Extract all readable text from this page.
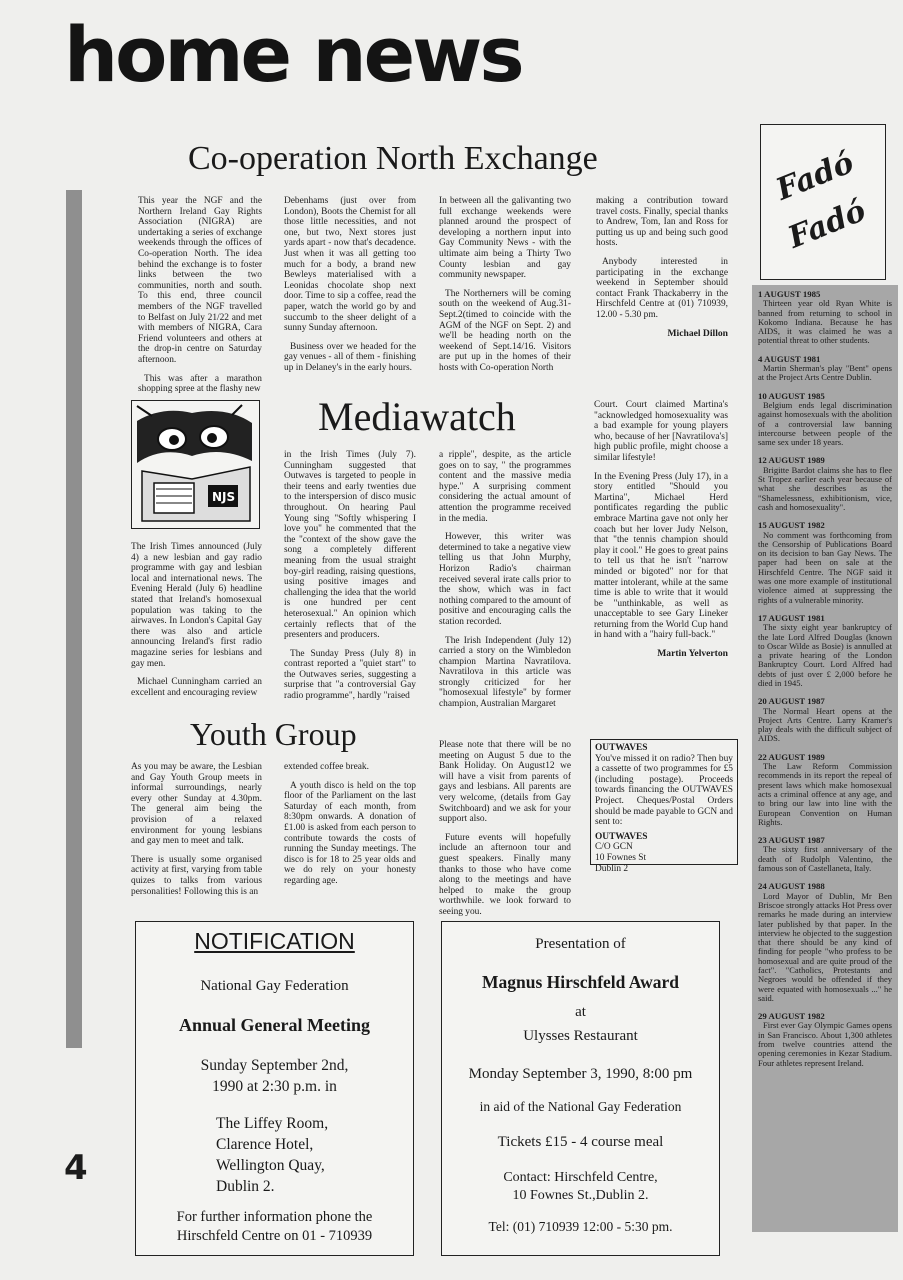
home news
Co-operation North Exchange

This year the NGF and the Northern Ireland Gay Rights Association (NIGRA) are undertaking a series of exchange weekends through the offices of Co-operation North. The idea behind the exchange is to foster links between the two communities, north and south. To this end, three council members of the NGF travelled to Belfast on July 21/22 and met with members of NIGRA, Cara Friend volunteers and others at the drop-in centre on Saturday afternoon.

This was after a marathon shopping spree at the flashy new

Debenhams (just over from London), Boots the Chemist for all those little necessities, and not one, but two, Next stores just yards apart - now that's decadence. Just when it was all getting too much for a body, a brand new Bewleys materialised with a Leonidas chocolate shop next door. Time to sip a coffee, read the paper, watch the world go by and succumb to the sheer delight of a sunny Sunday afternoon.

Business over we headed for the gay venues - all of them - finishing up in Delaney's in the early hours.

In between all the galivanting two full exchange weekends were planned around the prospect of developing a northern input into Gay Community News - with the ultimate aim being a Thirty Two County lesbian and gay community newspaper.

The Northerners will be coming south on the weekend of Aug.31-Sept.2(timed to coincide with the AGM of the NGF on Sept. 2) and we'll be heading north on the weekend of Sept.14/16. Visitors are put up in the homes of their hosts with Co-operation North

making a contribution toward travel costs. Finally, special thanks to Andrew, Tom, Ian and Ross for putting us up and being such good hosts.

Anybody interested in participating in the exchange weekend in September should contact Frank Thackaberry in the Hirschfeld Centre at (01) 710939, 12.00 - 5.30 pm.

Michael Dillon
NJS
Mediawatch

The Irish Times announced (July 4) a new lesbian and gay radio programme with gay and lesbian local and international news. The Evening Herald (July 6) headline stated that Ireland's homosexual population was taking to the airwaves. In London's Capital Gay there was also and article announcing Ireland's first radio magazine series for lesbians and gay men.

Michael Cunningham carried an excellent and encouraging review

in the Irish Times (July 7). Cunningham suggested that Outwaves is targeted to people in their teens and early twenties due to the interspersion of disco music throughout. On hearing Paul Young sing "Softly whispering I love you" he commented that the the "context of the show gave the song a completely different meaning from the usual straight boy-girl reading, raising questions, using positive images and challenging the idea that the world is one hundred per cent heterosexual." An opinion which certainly reflects that of the presenters and producers.

The Sunday Press (July 8) in contrast reported a "quiet start" to the Outwaves series, suggesting a surprise that "a controversial Gay radio programme", hardly "raised

a ripple", despite, as the article goes on to say, " the programmes content and the massive media hype." A surprising comment considering the actual amount of attention the programme received in the media.

However, this writer was determined to take a negative view telling us that John Murphy, Horizon Radio's chairman received several irate calls prior to the show, which was in fact nothing compared to the amount of positive and encouraging calls the station recorded.

The Irish Independent (July 12) carried a story on the Wimbledon champion Martina Navratilova. Navratilova in this article was strongly criticized for her "homosexual lifestyle" by former champion, Australian Margaret

Court. Court claimed Martina's "acknowledged homosexuality was a bad example for young players who, because of her [Navratilova's] high public profile, might choose a similar lifestyle!

In the Evening Press (July 17), in a story entitled "Should you Martina", Michael Herd pontificates regarding the public embrace Martina gave not only her coach but her lover Judy Nelson, that "the tennis champion should play it cool." He goes to great pains to tell us that he isn't "narrow minded or bigoted" nor for that matter intolerant, while at the same time is able to write that it would be "unthinkable, as well as unacceptable to see Gary Lineker returning from the World Cup hand in hand with a "hairy full-back."

Martin Yelverton
Youth Group

As you may be aware, the Lesbian and Gay Youth Group meets in informal surroundings, nearly every other Sunday at 4.30pm. The general aim being the provision of a relaxed environment for young lesbians and gay men to meet and talk.

There is usually some organised activity at first, varying from table quizes to talks from various personalities! Following this is an

extended coffee break.

A youth disco is held on the top floor of the Parliament on the last Saturday of each month, from 8:30pm onwards. A donation of £1.00 is asked from each person to contribute towards the costs of running the Sunday meetings. The disco is for 18 to 25 year olds and we do rely on your honesty regarding age.

Please note that there will be no meeting on August 5 due to the Bank Holiday. On August12 we will have a visit from parents of gays and lesbians. All parents are very welcome, (details from Gay Switchboard) and we ask for your support also.

Future events will hopefully include an afternoon tour and guest speakers. Finally many thanks to those who have come along to the meetings and have helped to make the group worthwhile. we look forward to seeing you.

OUTWAVES
You've missed it on radio? Then buy a cassette of two programmes for £5 (including postage). Proceeds towards financing the OUTWAVES Project. Cheques/Postal Orders should be made payable to GCN and sent to:
OUTWAVES
C/O GCN
10 Fownes St
Dublin 2
Fadó
Fadó
1 AUGUST 1985
Thirteen year old Ryan White is banned from returning to school in Kokomo Indiana. Because he has AIDS, it was claimed he was a potential threat to other students.
4 AUGUST 1981
Martin Sherman's play "Bent" opens at the Project Arts Centre Dublin.
10 AUGUST 1985
Belgium ends legal discrimination against homosexuals with the abolition of a controversial law banning intercourse between people of the same sex under 18 years.
12 AUGUST 1989
Brigitte Bardot claims she has to flee St Tropez earlier each year because of what she describes as the "Shamelessness, exhibitionism, vice, cash and homosexuality".
15 AUGUST 1982
No comment was forthcoming from the Censorship of Publications Board on its decision to ban Gay News. The paper had been on sale at the Hirschfeld Centre. The NGF said it was one more example of institutional violence aimed at suppressing the rights of a vulnerable minority.
17 AUGUST 1981
The sixty eight year bankruptcy of the late Lord Alfred Douglas (known to Oscar Wilde as Bosie) is annulled at a private hearing of the London Bankruptcy Court. Lord Alfred had debts of just over £ 2,000 before he died in 1945.
20 AUGUST 1987
The Normal Heart opens at the Project Arts Centre. Larry Kramer's play deals with the difficult subject of AIDS.
22 AUGUST 1989
The Law Reform Commission recommends in its report the repeal of present laws which make homosexual acts a criminal offence at any age, and to bring our law into line with the European Convention on Human Rights.
23 AUGUST 1987
The sixty first anniversary of the death of Rudolph Valentino, the famous son of Castellaneta, Italy.
24 AUGUST 1988
Lord Mayor of Dublin, Mr Ben Briscoe strongly attacks Hot Press over remarks he made during an interview later published by that paper. In the interview he objected to the suggestion that there should be any kind of finding for people "who profess to be homosexual and are quite proud of the fact". "Catholics, Protestants and Negroes would be offended if they were equated with homosexuals ..." he said.
29 AUGUST 1982
First ever Gay Olympic Games opens in San Francisco. About 1,300 athletes from twelve countries attend the opening ceremonies in Kezar Stadium. Four athletes represent Ireland.
NOTIFICATION
National Gay Federation
Annual General Meeting
Sunday September 2nd,
1990 at 2:30 p.m. in
The Liffey Room,
Clarence Hotel,
Wellington Quay,
Dublin 2.
For further information phone the
Hirschfeld Centre on 01 - 710939
Presentation of
Magnus Hirschfeld Award
at
Ulysses Restaurant
Monday September 3, 1990, 8:00 pm
in aid of the National Gay Federation
Tickets £15 - 4 course meal
Contact: Hirschfeld Centre,
10 Fownes St.,Dublin 2.
Tel: (01) 710939 12:00 - 5:30 pm.
4
